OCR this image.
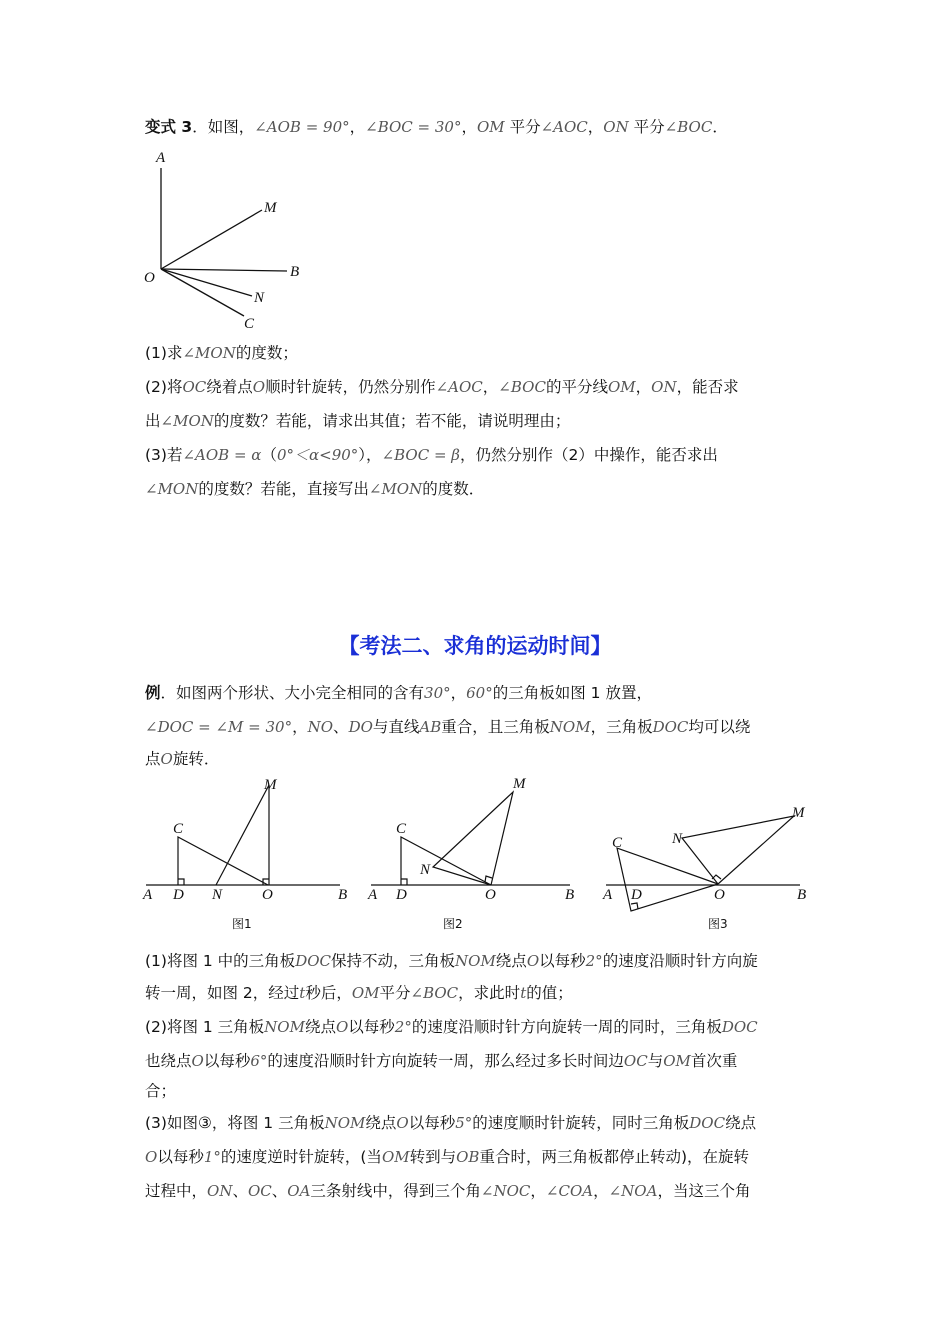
变式 3．如图，∠AOB = 90°，∠BOC = 30°，OM 平分∠AOC，ON 平分∠BOC．
A
M
O	B
N
C
(1)求∠MON的度数；
(2)将OC绕着点O顺时针旋转，仍然分别作∠AOC，∠BOC的平分线OM，ON，能否求
出∠MON的度数？若能，请求出其值；若不能，请说明理由；
(3)若∠AOB = α（0°＜α<90°），∠BOC = β，仍然分别作（2）中操作，能否求出
∠MON的度数？若能，直接写出∠MON的度数．
【考法二、求角的运动时间】
例．如图两个形状、大小完全相同的含有30°，60°的三角板如图 1 放置，
∠DOC = ∠M = 30°，NO、DO与直线AB重合，且三角板NOM，三角板DOC均可以绕
点O旋转．
A D N	O	B
C
M
图1
A D	O	B
C
N
M
图2
A D	O	B
C	N
M
图3
(1)将图 1 中的三角板DOC保持不动，三角板NOM绕点O以每秒2°的速度沿顺时针方向旋
转一周，如图 2，经过t秒后，OM平分∠BOC，求此时t的值；
(2)将图 1 三角板NOM绕点O以每秒2°的速度沿顺时针方向旋转一周的同时，三角板DOC
也绕点O以每秒6°的速度沿顺时针方向旋转一周，那么经过多长时间边OC与OM首次重
合；
(3)如图③，将图 1 三角板NOM绕点O以每秒5°的速度顺时针旋转，同时三角板DOC绕点
O以每秒1°的速度逆时针旋转，(当OM转到与OB重合时，两三角板都停止转动)，在旋转
过程中，ON、OC、OA三条射线中，得到三个角∠NOC，∠COA，∠NOA，当这三个角
